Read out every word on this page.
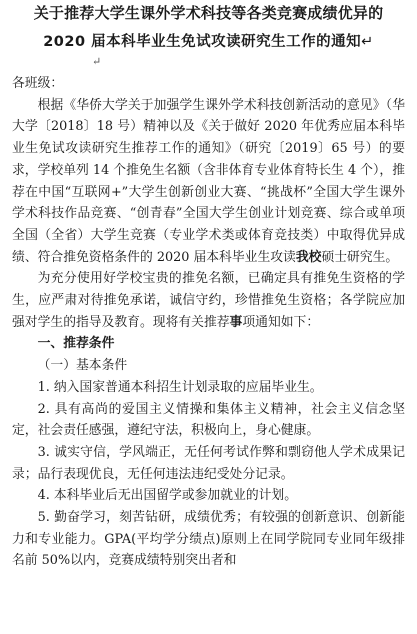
关于推荐大学生课外学术科技等各类竞赛成绩优异的
2020 届本科毕业生免试攻读研究生工作的通知↵
↵

各班级：

根据《华侨大学关于加强学生课外学术科技创新活动的意见》（华大学〔2018〕18 号）精神以及《关于做好 2020 年优秀应届本科毕业生免试攻读研究生推荐工作的通知》（研究〔2019〕65 号）的要求，学校单列 14 个推免生名额（含非体育专业体育特长生 4 个），推荐在中国“互联网+”大学生创新创业大赛、“挑战杯”全国大学生课外学术科技作品竞赛、“创青春”全国大学生创业计划竞赛、综合或单项全国（全省）大学生竞赛（专业学术类或体育竞技类）中取得优异成绩、符合推免资格条件的 2020 届本科毕业生攻读我校硕士研究生。

为充分使用好学校宝贵的推免名额，已确定具有推免生资格的学生，应严肃对待推免承诺，诚信守约，珍惜推免生资格；各学院应加强对学生的指导及教育。现将有关推荐事项通知如下：

一、推荐条件

（一）基本条件

1. 纳入国家普通本科招生计划录取的应届毕业生。

2. 具有高尚的爱国主义情操和集体主义精神，社会主义信念坚定，社会责任感强，遵纪守法，积极向上，身心健康。

3. 诚实守信，学风端正，无任何考试作弊和剽窃他人学术成果记录；品行表现优良，无任何违法违纪受处分记录。

4. 本科毕业后无出国留学或参加就业的计划。

5. 勤奋学习，刻苦钻研，成绩优秀；有较强的创新意识、创新能力和专业能力。GPA(平均学分绩点)原则上在同学院同专业同年级排名前 50%以内，竞赛成绩特别突出者和
